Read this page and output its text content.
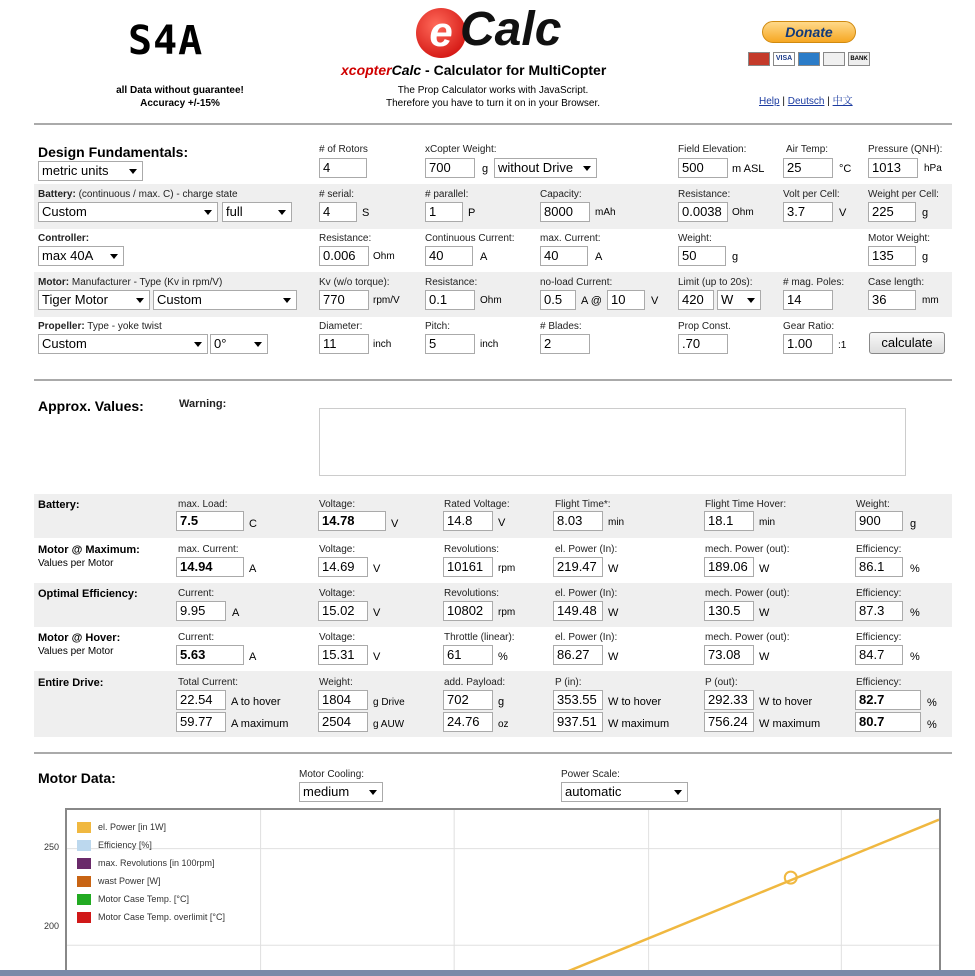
S4A
all Data without guarantee!
Accuracy +/-15%
e Calc
xcopterCalc - Calculator for MultiCopter
The Prop Calculator works with JavaScript.
Therefore you have to turn it on in your Browser.
Donate
VISA	BANK
Help | Deutsch | 中文
Design Fundamentals:
metric units
# of Rotors
4
xCopter Weight:
700	g without Drive
Field Elevation:
500	m ASL
Air Temp:
25	°C
Pressure (QNH):
1013	hPa
Battery: (continuous / max. C) - charge state
Custom	full
# serial:
4	S
# parallel:
1	P
Capacity:
8000	mAh
Resistance:
0.0038	Ohm
Volt per Cell:
3.7	V
Weight per Cell:
225	g
Controller:
max 40A
Resistance:
0.006	Ohm
Continuous Current:
40	A
max. Current:
40	A
Weight:
50	g
Motor Weight:
135	g
Motor: Manufacturer - Type (Kv in rpm/V)
Tiger Motor	Custom
Kv (w/o torque):
770	rpm/V
Resistance:
0.1	Ohm
no-load Current:
0.5	A @ 10	V
Limit (up to 20s):
420	W
# mag. Poles:
14
Case length:
36	mm
Propeller: Type - yoke twist
Custom	0°
Diameter:
11	inch
Pitch:
5	inch
# Blades:
2
Prop Const.
.70
Gear Ratio:
1.00	:1	calculate
Approx. Values:	Warning:
Battery:	max. Load:
7.5	C
Voltage:
14.78	V
Rated Voltage:
14.8	V
Flight Time*:
8.03	min
Flight Time Hover:
18.1	min
Weight:
900	g
Motor @ Maximum:
Values per Motor
max. Current:
14.94	A
Voltage:
14.69	V
Revolutions:
10161	rpm
el. Power (In):
219.47	W
mech. Power (out):
189.06	W
Efficiency:
86.1	%
Optimal Efficiency:	Current:
9.95	A
Voltage:
15.02	V
Revolutions:
10802	rpm
el. Power (In):
149.48	W
mech. Power (out):
130.5	W
Efficiency:
87.3	%
Motor @ Hover:
Values per Motor
Current:
5.63	A
Voltage:
15.31	V
Throttle (linear):
61	%
el. Power (In):
86.27	W
mech. Power (out):
73.08	W
Efficiency:
84.7	%
Entire Drive:	Total Current:
22.54	A to hover
59.77	A maximum
Weight:
1804	g Drive
2504	g AUW
add. Payload:
702	g
24.76	oz
P (in):
353.55	W to hover
937.51	W maximum
P (out):
292.33	W to hover
756.24	W maximum
Efficiency:
82.7	%
80.7	%
Motor Data:	Motor Cooling:
medium
Power Scale:
automatic
250
200
el. Power [in 1W]
Efficiency [%]
max. Revolutions [in 100rpm]
wast Power [W]
Motor Case Temp. [°C]
Motor Case Temp. overlimit [°C]
